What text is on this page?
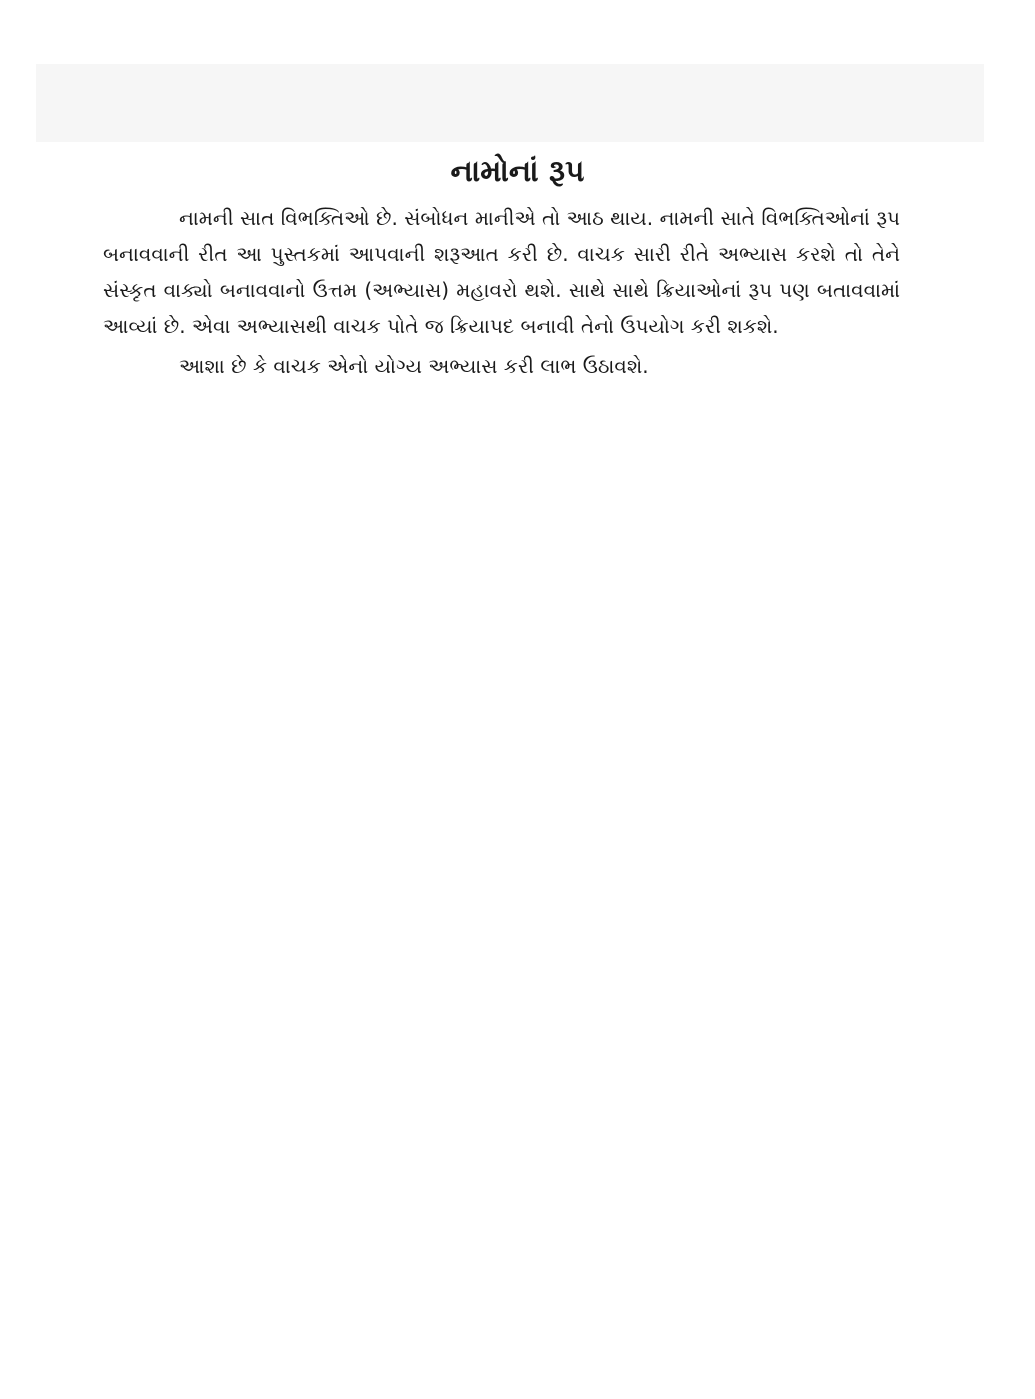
નામોનાં રૂપ

નામની સાત વિભક્તિઓ છે. સંબોધન માનીએ તો આઠ થાય. નામની સાતે વિભક્તિઓનાં રૂપ બનાવવાની રીત આ પુસ્તકમાં આપવાની શરૂઆત કરી છે. વાચક સારી રીતે અભ્યાસ કરશે તો તેને સંસ્કૃત વાક્યો બનાવવાનો ઉત્તમ (અભ્યાસ) મહાવરો થશે. સાથે સાથે ક્રિયાઓનાં રૂપ પણ બતાવવામાં આવ્યાં છે. એવા અભ્યાસથી વાચક પોતે જ ક્રિયાપદ બનાવી તેનો ઉપયોગ કરી શકશે.

આશા છે કે વાચક એનો યોગ્ય અભ્યાસ કરી લાભ ઉઠાવશે.
